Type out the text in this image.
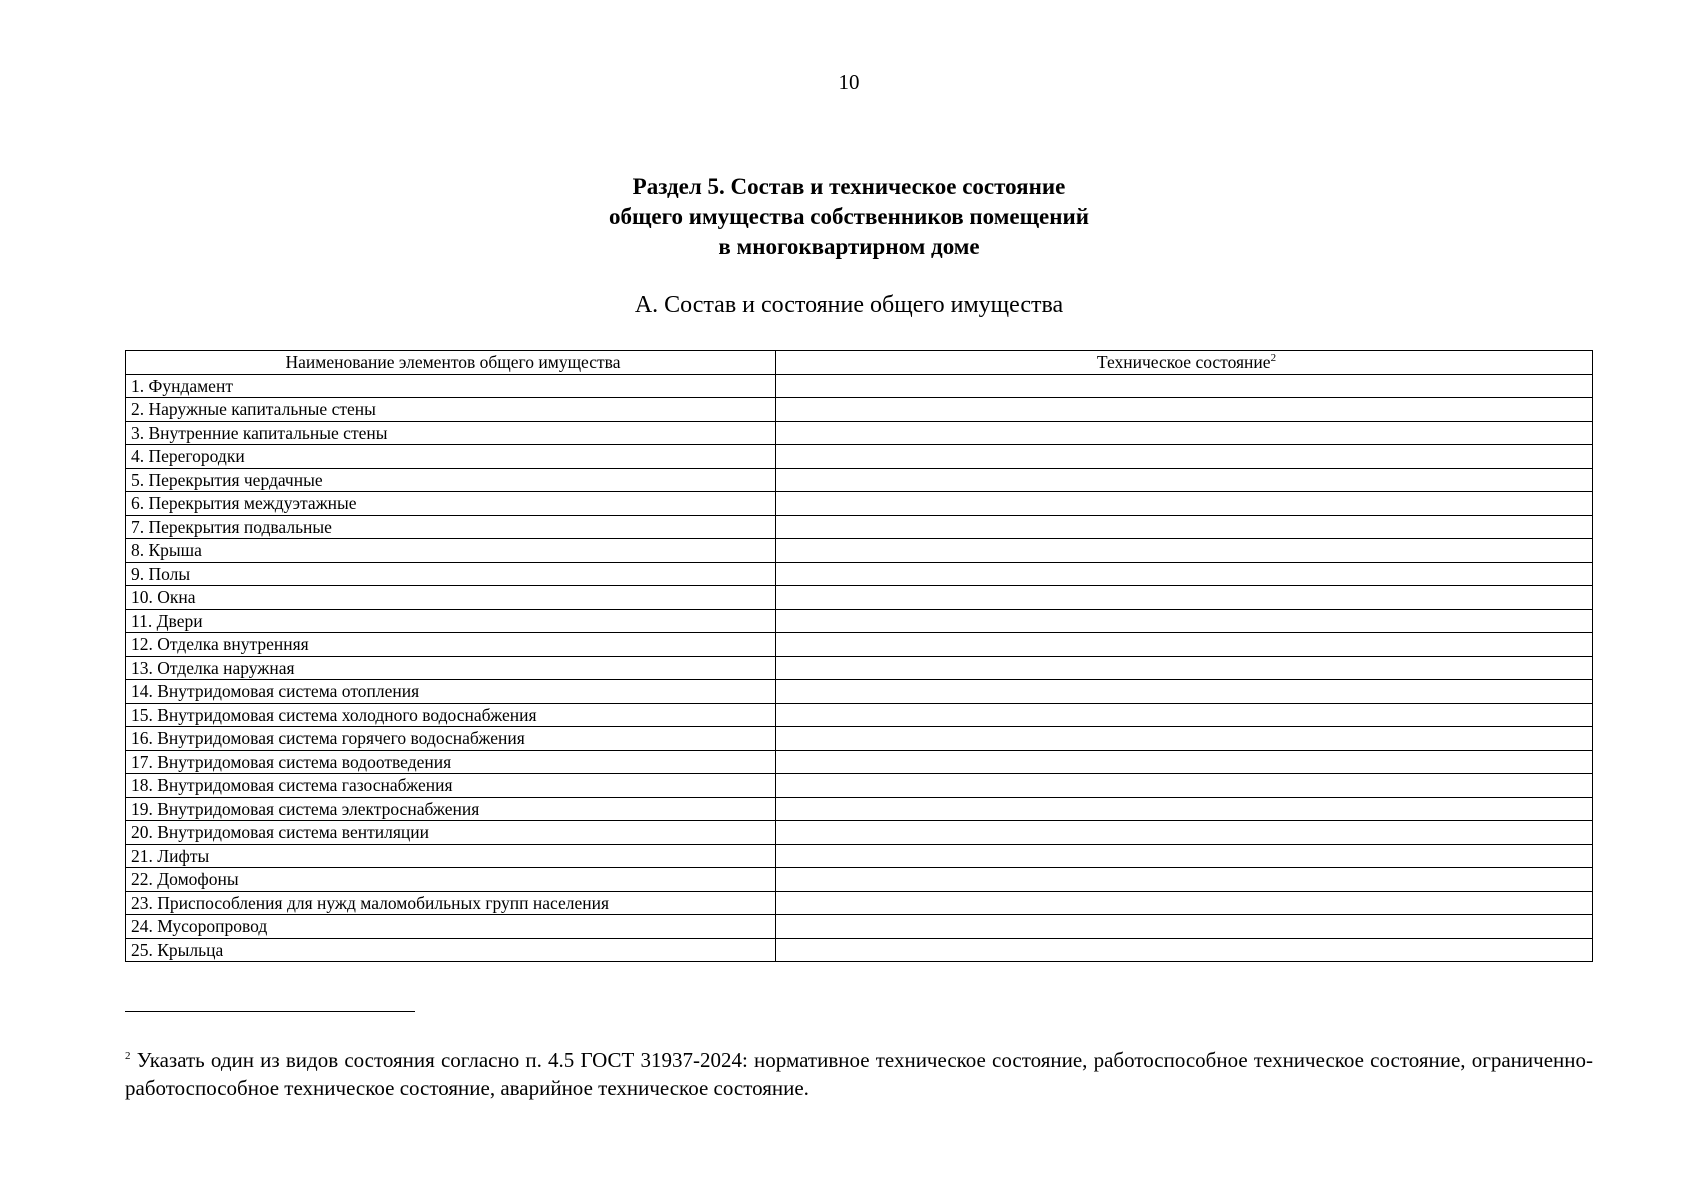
10
Раздел 5. Состав и техническое состояние
общего имущества собственников помещений
в многоквартирном доме
А. Состав и состояние общего имущества
Наименование элементов общего имущества	Техническое состояние$^2$
1. Фундамент	
2. Наружные капитальные стены	
3. Внутренние капитальные стены	
4. Перегородки	
5. Перекрытия чердачные	
6. Перекрытия междуэтажные	
7. Перекрытия подвальные	
8. Крыша	
9. Полы	
10. Окна	
11. Двери	
12. Отделка внутренняя	
13. Отделка наружная	
14. Внутридомовая система отопления	
15. Внутридомовая система холодного водоснабжения	
16. Внутридомовая система горячего водоснабжения	
17. Внутридомовая система водоотведения	
18. Внутридомовая система газоснабжения	
19. Внутридомовая система электроснабжения	
20. Внутридомовая система вентиляции	
21. Лифты	
22. Домофоны	
23. Приспособления для нужд маломобильных групп населения	
24. Мусоропровод	
25. Крыльца	
$^2$ Указать один из видов состояния согласно п. 4.5 ГОСТ 31937-2024: нормативное техническое состояние, работоспособное техническое состояние, ограниченно-работоспособное техническое состояние, аварийное техническое состояние.
